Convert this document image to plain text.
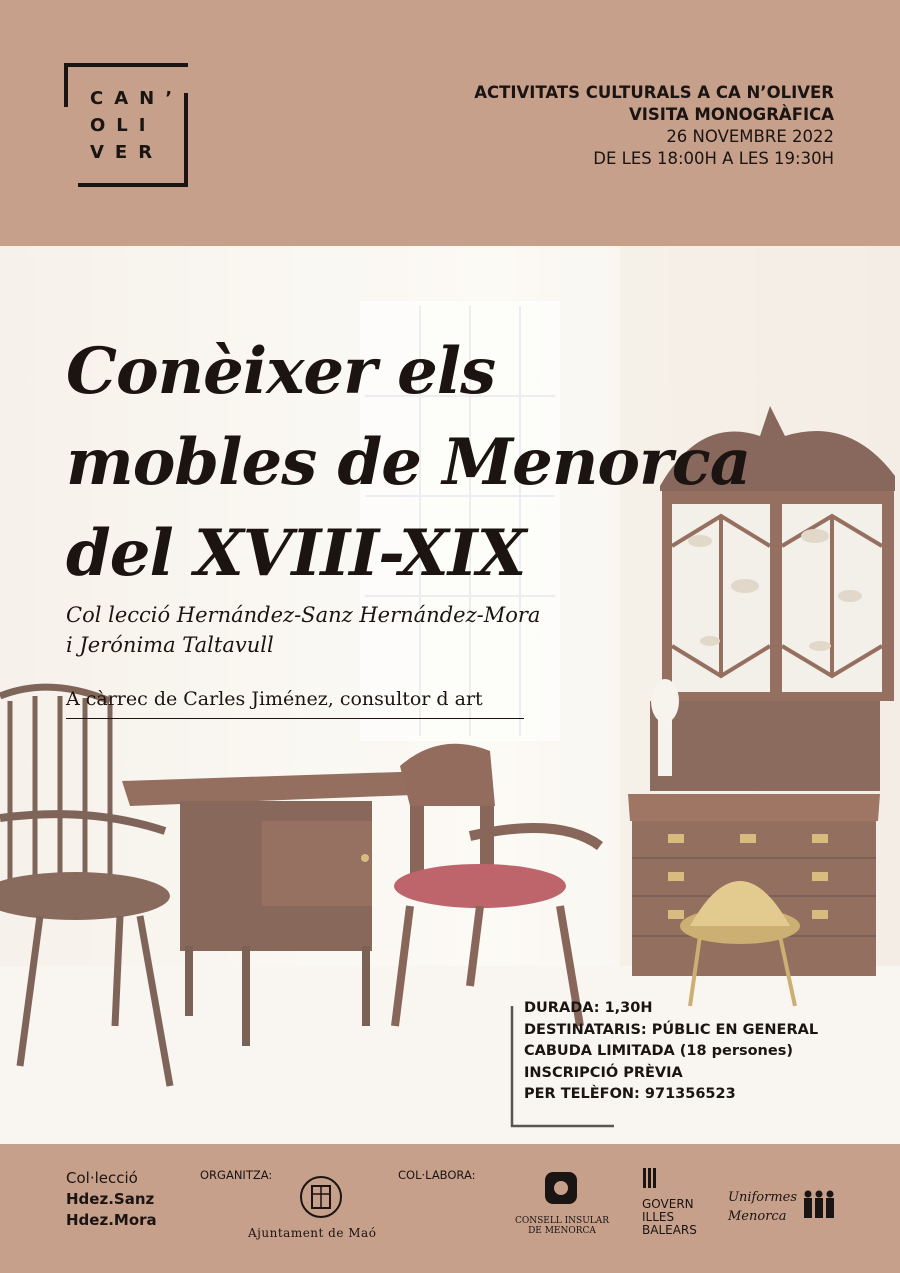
CAN’
OLI
VER
ACTIVITATS CULTURALS A CA N’OLIVER
VISITA MONOGRÀFICA
26 NOVEMBRE 2022
DE LES 18:00H A LES 19:30H
Conèixer els
mobles de Menorca
del XVIII-XIX
Col lecció Hernández-Sanz Hernández-Mora
i Jerónima Taltavull
A càrrec de Carles Jiménez, consultor d art
DURADA: 1,30H
DESTINATARIS: PÚBLIC EN GENERAL
CABUDA LIMITADA (18 persones)
INSCRIPCIÓ PRÈVIA
PER TELÈFON: 971356523
Col·lecció
Hdez.Sanz
Hdez.Mora
ORGANITZA:
Ajuntament de Maó
COL·LABORA:
CONSELL INSULAR
DE MENORCA
GOVERN
ILLES
BALEARS
Uniformes
Menorca
